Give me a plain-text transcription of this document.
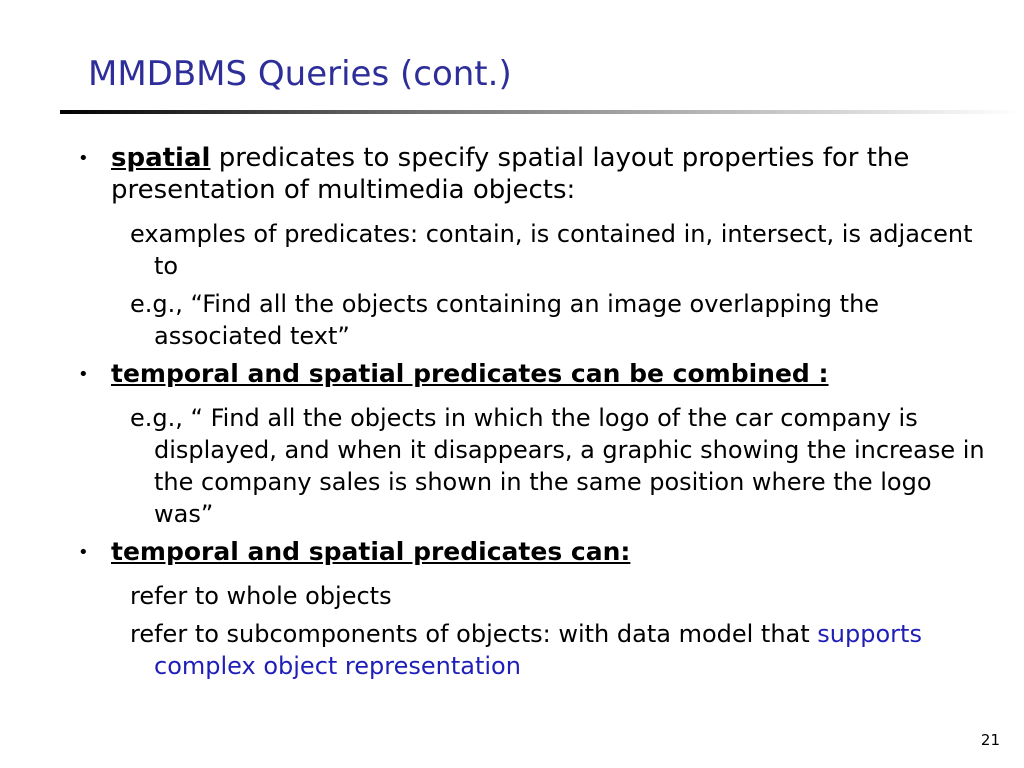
MMDBMS Queries (cont.)
• spatial predicates to specify spatial layout properties for the presentation of multimedia objects:
examples of predicates: contain, is contained in, intersect, is adjacent to
e.g., “Find all the objects containing an image overlapping the associated text”
• temporal and spatial predicates can be combined :
e.g., “ Find all the objects in which the logo of the car company is displayed, and when it disappears, a graphic showing the increase in the company sales is shown in the same position where the logo was”
• temporal and spatial predicates can:
refer to whole objects
refer to subcomponents of objects: with data model that supports complex object representation
21
